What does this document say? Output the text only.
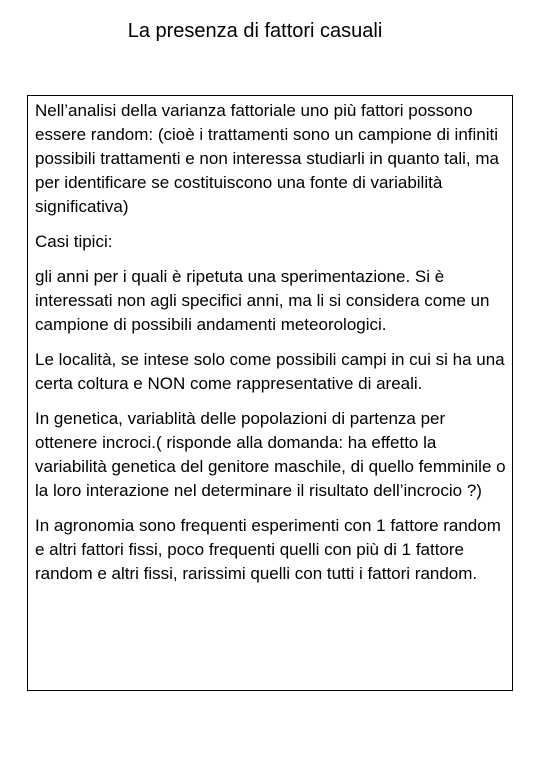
La presenza di fattori casuali

Nell’analisi della varianza fattoriale uno più fattori possono essere random: (cioè i trattamenti sono un campione di infiniti possibili trattamenti e non interessa studiarli in quanto tali, ma per identificare se costituiscono una fonte di variabilità significativa)

Casi tipici:

gli anni per i quali è ripetuta una sperimentazione. Si è interessati non agli specifici anni, ma li si considera come un campione di possibili andamenti meteorologici.

Le località, se intese solo come possibili campi in cui si ha una certa coltura e NON come rappresentative di areali.

In genetica, variablità delle popolazioni di partenza per ottenere incroci.( risponde alla domanda: ha effetto la variabilità genetica del genitore maschile, di quello femminile o la loro interazione nel determinare il risultato dell’incrocio ?)

In agronomia sono frequenti esperimenti con 1 fattore random e altri fattori fissi, poco frequenti quelli con più di 1 fattore random e altri fissi, rarissimi quelli con tutti i fattori random.
